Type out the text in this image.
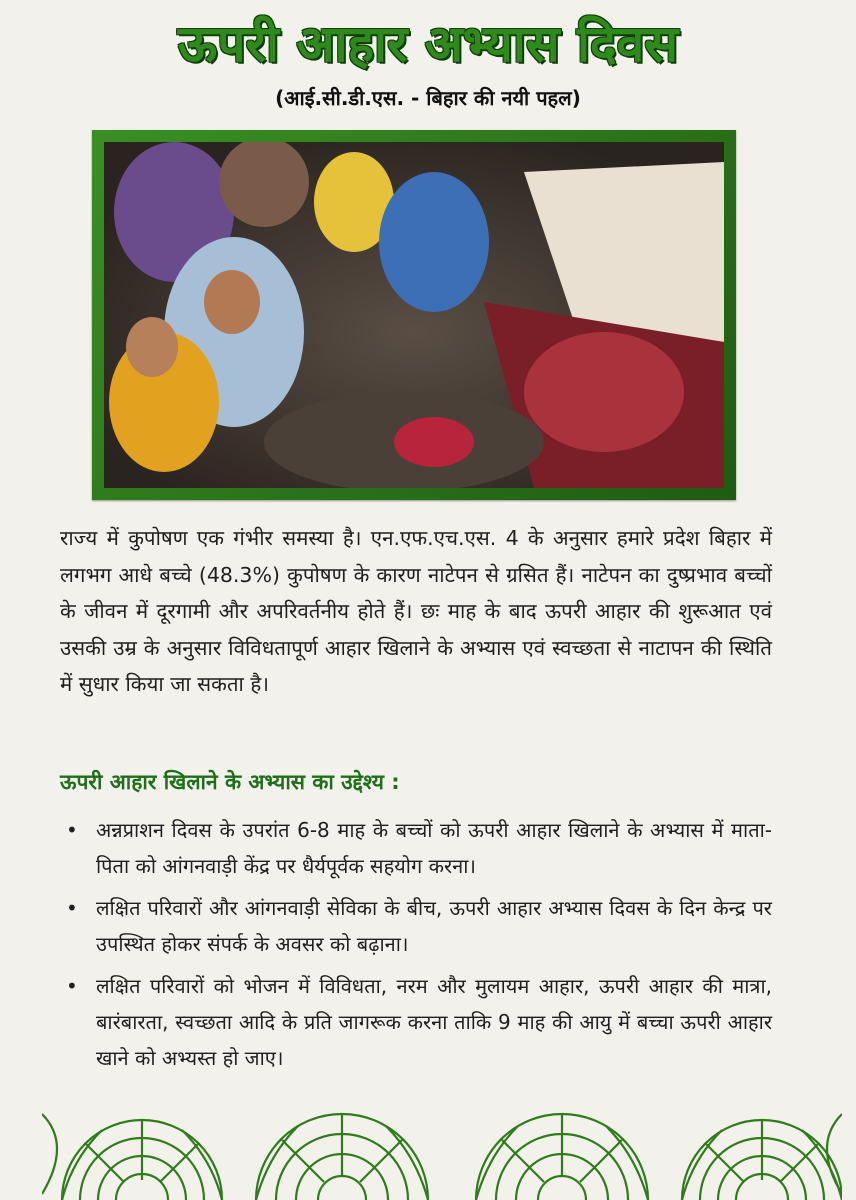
ऊपरी आहार अभ्यास दिवस
(आई.सी.डी.एस. - बिहार की नयी पहल)
राज्य में कुपोषण एक गंभीर समस्या है। एन.एफ.एच.एस. 4 के अनुसार हमारे प्रदेश बिहार में लगभग आधे बच्चे (48.3%) कुपोषण के कारण नाटेपन से ग्रसित हैं। नाटेपन का दुष्प्रभाव बच्चों के जीवन में दूरगामी और अपरिवर्तनीय होते हैं। छः माह के बाद ऊपरी आहार की शुरूआत एवं उसकी उम्र के अनुसार विविधतापूर्ण आहार खिलाने के अभ्यास एवं स्वच्छता से नाटापन की स्थिति में सुधार किया जा सकता है।
ऊपरी आहार खिलाने के अभ्यास का उद्देश्य :
• अन्नप्राशन दिवस के उपरांत 6-8 माह के बच्चों को ऊपरी आहार खिलाने के अभ्यास में माता-पिता को आंगनवाड़ी केंद्र पर धैर्यपूर्वक सहयोग करना।
• लक्षित परिवारों और आंगनवाड़ी सेविका के बीच, ऊपरी आहार अभ्यास दिवस के दिन केन्द्र पर उपस्थित होकर संपर्क के अवसर को बढ़ाना।
• लक्षित परिवारों को भोजन में विविधता, नरम और मुलायम आहार, ऊपरी आहार की मात्रा, बारंबारता, स्वच्छता आदि के प्रति जागरूक करना ताकि 9 माह की आयु में बच्चा ऊपरी आहार खाने को अभ्यस्त हो जाए।
